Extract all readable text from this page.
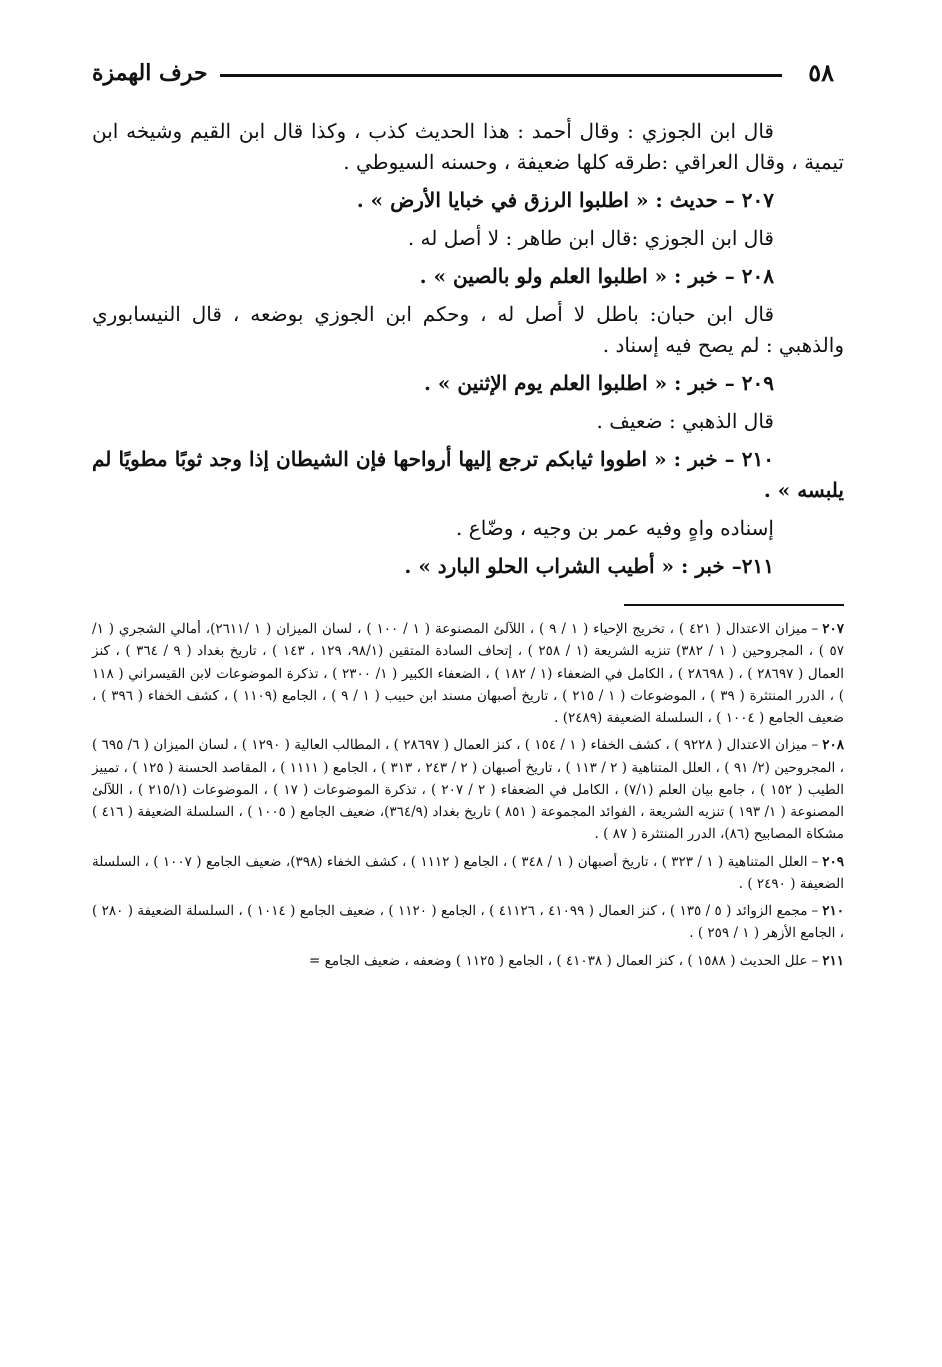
٥٨
حرف الهمزة

قال ابن الجوزي : وقال أحمد : هذا الحديث كذب ، وكذا قال ابن القيم وشيخه ابن تيمية ، وقال العراقي :طرقه كلها ضعيفة ، وحسنه السيوطي .

٢٠٧ – حديث : « اطلبوا الرزق في خبايا الأرض » .

قال ابن الجوزي :قال ابن طاهر : لا أصل له .

٢٠٨ – خبر : « اطلبوا العلم ولو بالصين » .

قال ابن حبان: باطل لا أصل له ، وحكم ابن الجوزي بوضعه ، قال النيسابوري والذهبي : لم يصح فيه إسناد .

٢٠٩ – خبر : « اطلبوا العلم يوم الإثنين » .

قال الذهبي : ضعيف .

٢١٠ – خبر : « اطووا ثيابكم ترجع إليها أرواحها فإن الشيطان إذا وجد ثوبًا مطويًا لم يلبسه » .

إسناده واهٍ وفيه عمر بن وجيه ، وضّاع .

٢١١– خبر : « أطيب الشراب الحلو البارد » .

٢٠٧–ميزان الاعتدال ( ٤٢١ ) ، تخريج الإحياء ( ١ / ٩ ) ، اللآلئ المصنوعة ( ١ / ١٠٠ ) ، لسان الميزان ( ١ /٢٦١١)، أمالي الشجري ( ١/ ٥٧ ) ، المجروحين ( ١ / ٣٨٢) تنزيه الشريعة (١ / ٢٥٨ ) ، إتحاف السادة المتقين (٩٨/١، ١٢٩ ، ١٤٣ ) ، تاريخ بغداد ( ٩ / ٣٦٤ ) ، كنز العمال ( ٢٨٦٩٧ ) ، ( ٢٨٦٩٨ ) ، الكامل في الضعفاء (١ / ١٨٢ ) ، الضعفاء الكبير ( ١/ ٢٣٠٠ ) ، تذكرة الموضوعات لابن القيسراني ( ١١٨ ) ، الدرر المنتثرة ( ٣٩ ) ، الموضوعات ( ١ / ٢١٥ ) ، تاريخ أصبهان مسند ابن حبيب ( ١ / ٩ ) ، الجامع (١١٠٩ ) ، كشف الخفاء ( ٣٩٦ ) ، ضعيف الجامع ( ١٠٠٤ ) ، السلسلة الضعيفة (٢٤٨٩) .

٢٠٨–ميزان الاعتدال ( ٩٢٢٨ ) ، كشف الخفاء ( ١ / ١٥٤ ) ، كنز العمال ( ٢٨٦٩٧ ) ، المطالب العالية ( ١٢٩٠ ) ، لسان الميزان ( ٦/ ٦٩٥ ) ، المجروحين (٢/ ٩١ ) ، العلل المتناهية ( ٢ / ١١٣ ) ، تاريخ أصبهان ( ٢ / ٢٤٣ ، ٣١٣ ) ، الجامع ( ١١١١ ) ، المقاصد الحسنة ( ١٢٥ ) ، تمييز الطيب ( ١٥٢ ) ، جامع بيان العلم (٧/١) ، الكامل في الضعفاء ( ٢ / ٢٠٧ ) ، تذكرة الموضوعات ( ١٧ ) ، الموضوعات (٢١٥/١ ) ، اللآلئ المصنوعة ( ١/ ١٩٣ ) تنزيه الشريعة ، الفوائد المجموعة ( ٨٥١ ) تاريخ بغداد (٣٦٤/٩)، ضعيف الجامع ( ١٠٠٥ ) ، السلسلة الضعيفة ( ٤١٦ ) مشكاة المصابيح (٨٦)، الدرر المنتثرة ( ٨٧ ) .

٢٠٩–العلل المتناهية ( ١ / ٣٢٣ ) ، تاريخ أصبهان ( ١ / ٣٤٨ ) ، الجامع ( ١١١٢ ) ، كشف الخفاء (٣٩٨)، ضعيف الجامع ( ١٠٠٧ ) ، السلسلة الضعيفة ( ٢٤٩٠ ) .

٢١٠–مجمع الزوائد ( ٥ / ١٣٥ ) ، كنز العمال ( ٤١٠٩٩ ، ٤١١٢٦ ) ، الجامع ( ١١٢٠ ) ، ضعيف الجامع ( ١٠١٤ ) ، السلسلة الضعيفة ( ٢٨٠ ) ، الجامع الأزهر ( ١ / ٢٥٩ ) .

٢١١–علل الحديث ( ١٥٨٨ ) ، كنز العمال ( ٤١٠٣٨ ) ، الجامع ( ١١٢٥ ) وضعفه ، ضعيف الجامع =
